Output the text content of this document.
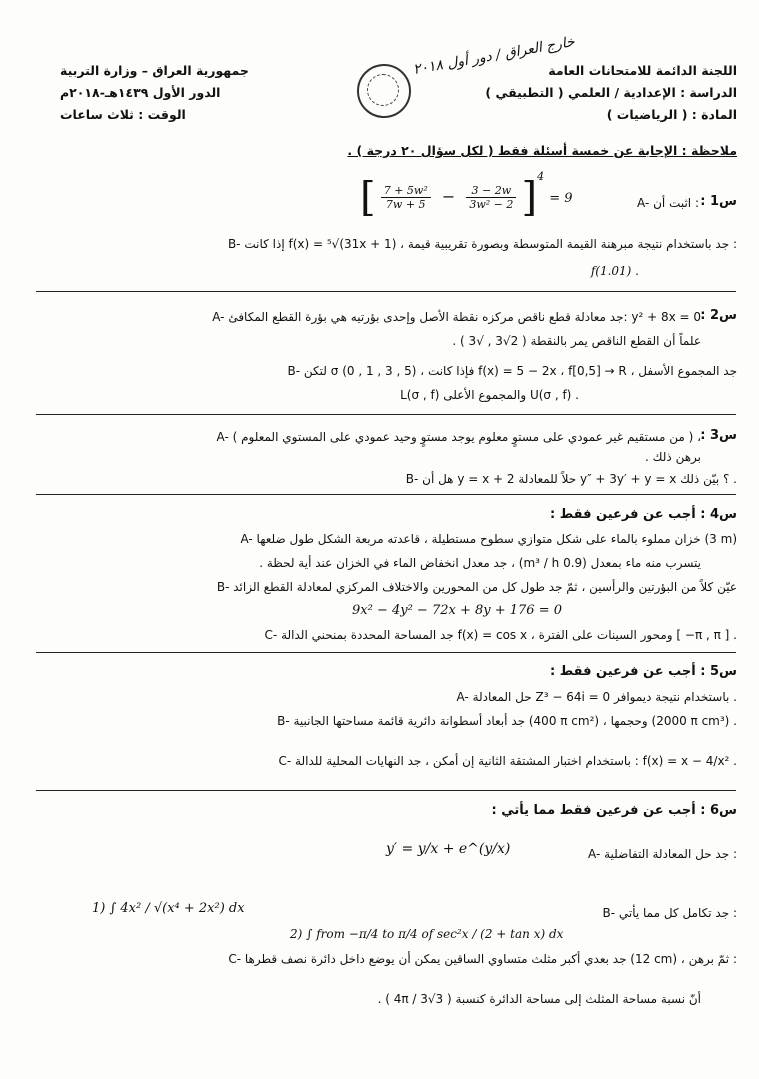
جمهورية العراق – وزارة التربية
الدور الأول ١٤٣٩هـ-٢٠١٨م
الوقت : ثلاث ساعات
خارج العراق / دور أول ٢٠١٨
اللجنة الدائمة للامتحانات العامة
الدراسة : الإعدادية / العلمي ( التطبيقي )
المادة : ( الرياضيات )
ملاحظة : الإجابة عن خمسة أسئلة فقط ( لكل سؤال ٢٠ درجة ) .
س1 :
A- اثبت أن :
[ $\frac{\text{7 + 5w²}}{7w + 5} - \frac{3 - 2w}{\text{3w² − 2}} ]^4 = 9$
B- إذا كانت f(x) = ⁵√(31x + 1) ، جد باستخدام نتيجة مبرهنة القيمة المتوسطة وبصورة تقريبية قيمة :
f(1.01) .
س2 :
A- جد معادلة قطع ناقص مركزه نقطة الأصل وإحدى بؤرتيه هي بؤرة القطع المكافئ: y² + 8x = 0
علماً أن القطع الناقص يمر بالنقطة ( 2√3 , √3 ) .
B- لتكن σ (0 , 1 , 3 , 5) ، فإذا كانت f(x) = 5 − 2x ، f[0,5] → R ، جد المجموع الأسفل
L(σ , f) والمجموع الأعلى U(σ , f) .
س3 :
A- ( من مستقيم غير عمودي على مستوٍ معلوم يوجد مستوٍ وحيد عمودي على المستوي المعلوم ) ،
برهن ذلك .
B- هل أن y = x + 2 حلاً للمعادلة y″ + 3y′ + y = x ؟ بيّن ذلك .
س4 : أجب عن فرعين فقط :
A- خزان مملوء بالماء على شكل متوازي سطوح مستطيلة ، قاعدته مربعة الشكل طول ضلعها (3 m)
يتسرب منه ماء بمعدل (0.9 m³ / h) ، جد معدل انخفاض الماء في الخزان عند أية لحظة .
B- عيّن كلاً من البؤرتين والرأسين ، ثمّ جد طول كل من المحورين والاختلاف المركزي لمعادلة القطع الزائد
9x² − 4y² − 72x + 8y + 176 = 0
C- جد المساحة المحددة بمنحني الدالة f(x) = cos x ، ومحور السينات على الفترة [ −π , π ] .
س5 : أجب عن فرعين فقط :
A- حل المعادلة Z³ − 64i = 0 باستخدام نتيجة ديموافر .
B- جد أبعاد أسطوانة دائرية قائمة مساحتها الجانبية (400 π cm²) ، وحجمها (2000 π cm³) .
C- باستخدام اختبار المشتقة الثانية إن أمكن ، جد النهايات المحلية للدالة : f(x) = x − 4/x² .
س6 : أجب عن فرعين فقط مما يأتي :
A- جد حل المعادلة التفاضلية :
y′ = y/x + e^(y/x)
B- جد تكامل كل مما يأتي :
1) ∫ 4x² / √(x⁴ + 2x²) dx
2) ∫ from −π/4 to π/4 of sec²x / (2 + tan x) dx
C- جد بعدي أكبر مثلث متساوي الساقين يمكن أن يوضع داخل دائرة نصف قطرها (12 cm) ، ثمّ برهن :
أنّ نسبة مساحة المثلث إلى مساحة الدائرة كنسبة ( 3√3 / 4π ) .
